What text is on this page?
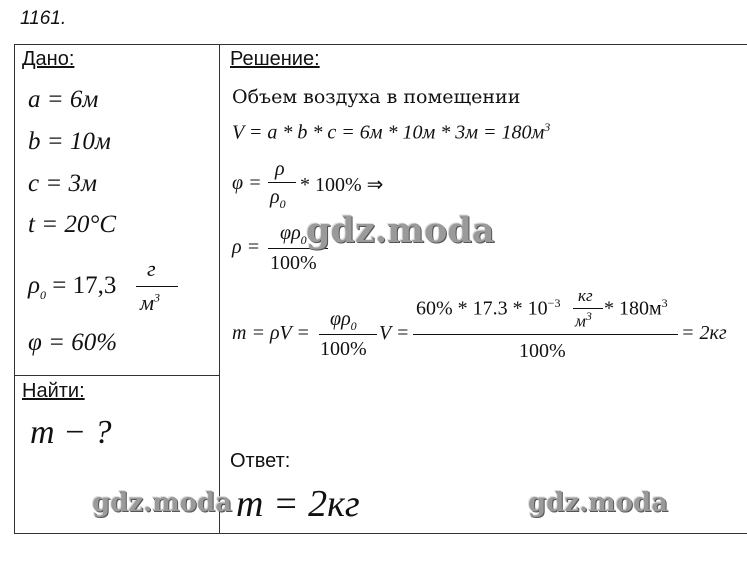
1161.
Дано:
a = 6м
b = 10м
c = 3м
t = 20°C
$\rho_0 = 17,3$
г
$м^3$
φ = 60%
Найти:
m − ?
Решение:
Объем воздуха в помещении
$V = a * b * c = 6м * 10м * 3м = 180м^3$
φ =
ρ
$\rho_0$
* 100% ⇒
ρ =
$\varphi\rho_0$
100%
m = ρV =
$\varphi\rho_0$
100%
V =
$60\% * 17.3 * 10^{-3}$ кг
$м^3 * 180м^3$
100%
= 2кг
Ответ:
m = 2кг
gdz.moda
gdz.moda	gdz.moda
